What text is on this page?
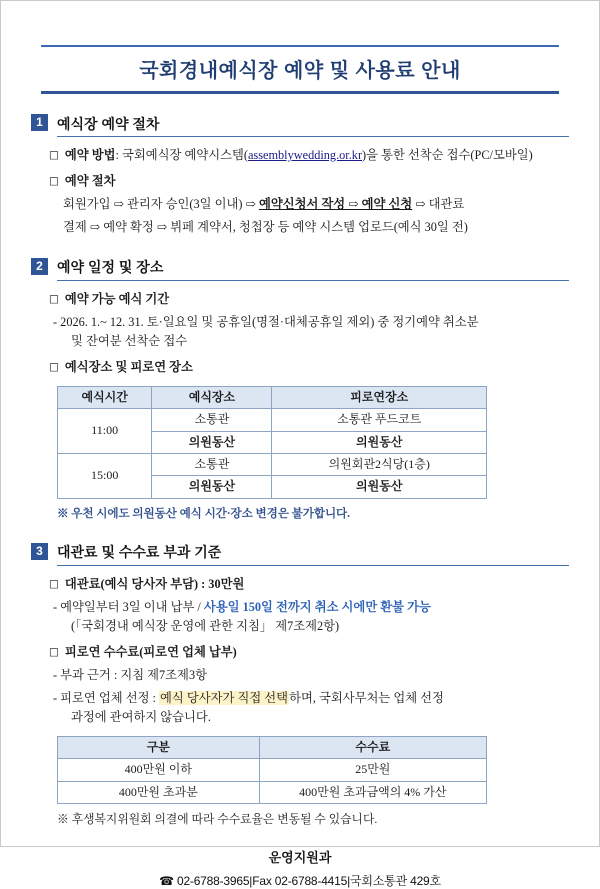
국회경내예식장 예약 및 사용료 안내
1	예식장 예약 절차
□ 예약 방법: 국회예식장 예약시스템(assemblywedding.or.kr)을 통한 선착순 접수(PC/모바일)
□ 예약 절차
회원가입 ⇨ 관리자 승인(3일 이내) ⇨ 예약신청서 작성 ⇨ 예약 신청 ⇨ 대관료
결제 ⇨ 예약 확정 ⇨ 뷔페 계약서, 청첩장 등 예약 시스템 업로드(예식 30일 전)
2	예약 일정 및 장소
□ 예약 가능 예식 기간
- 2026. 1.~ 12. 31. 토·일요일 및 공휴일(명절·대체공휴일 제외) 중 정기예약 취소분
및 잔여분 선착순 접수
□ 예식장소 및 피로연 장소
예식시간	예식장소	피로연장소
11:00	소통관	소통관 푸드코트
	의원동산	의원동산
15:00	소통관	의원회관2식당(1층)
	의원동산	의원동산
※ 우천 시에도 의원동산 예식 시간·장소 변경은 불가합니다.
3	대관료 및 수수료 부과 기준
□ 대관료(예식 당사자 부담) : 30만원
- 예약일부터 3일 이내 납부 / 사용일 150일 전까지 취소 시에만 환불 가능
(「국회경내 예식장 운영에 관한 지침」 제7조제2항)
□ 피로연 수수료(피로연 업체 납부)
- 부과 근거 : 지침 제7조제3항
- 피로연 업체 선정 : 예식 당사자가 직접 선택하며, 국회사무처는 업체 선정
과정에 관여하지 않습니다.
구분	수수료
400만원 이하	25만원
400만원 초과분	400만원 초과금액의 4% 가산
※ 후생복지위원회 의결에 따라 수수료율은 변동될 수 있습니다.
운영지원과
☎ 02-6788-3965|Fax 02-6788-4415|국회소통관 429호
